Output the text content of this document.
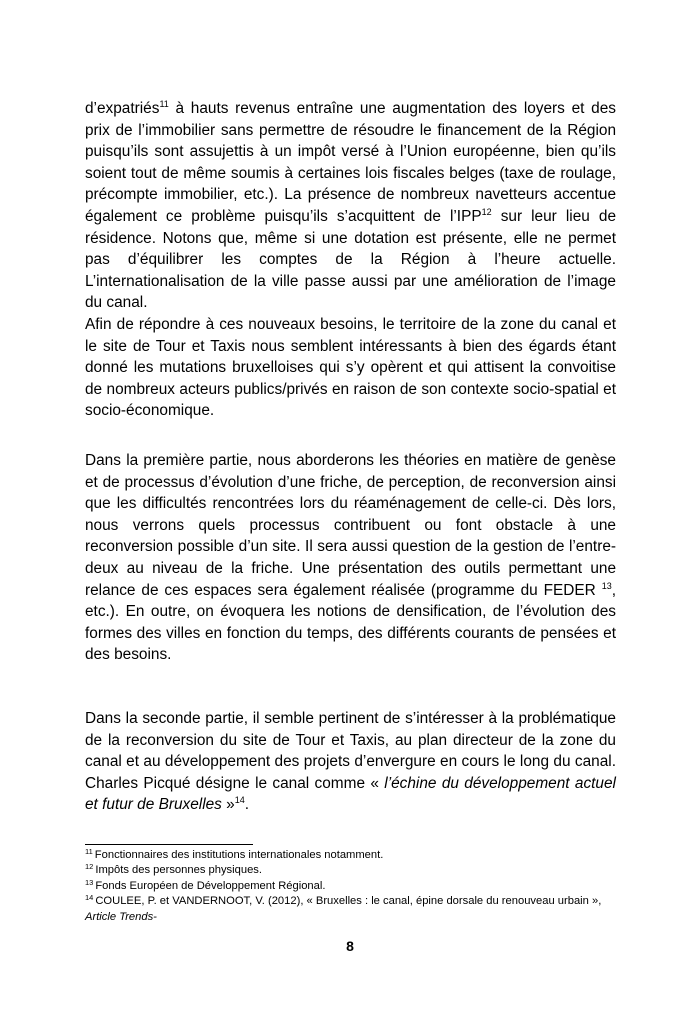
d’expatriés$^{11}$ à hauts revenus entraîne une augmentation des loyers et des prix de l’immobilier sans permettre de résoudre le financement de la Région puisqu’ils sont assujettis à un impôt versé à l’Union européenne, bien qu’ils soient tout de même soumis à certaines lois fiscales belges (taxe de roulage, précompte immobilier, etc.). La présence de nombreux navetteurs accentue également ce problème puisqu’ils s’acquittent de l’IPP$^{12}$ sur leur lieu de résidence. Notons que, même si une dotation est présente, elle ne permet pas d’équilibrer les comptes de la Région à l’heure actuelle. L’internationalisation de la ville passe aussi par une amélioration de l’image du canal.
Afin de répondre à ces nouveaux besoins, le territoire de la zone du canal et le site de Tour et Taxis nous semblent intéressants à bien des égards étant donné les mutations bruxelloises qui s’y opèrent et qui attisent la convoitise de nombreux acteurs publics/privés en raison de son contexte socio-spatial et socio-économique.
Dans la première partie, nous aborderons les théories en matière de genèse et de processus d’évolution d’une friche, de perception, de reconversion ainsi que les difficultés rencontrées lors du réaménagement de celle-ci. Dès lors, nous verrons quels processus contribuent ou font obstacle à une reconversion possible d’un site. Il sera aussi question de la gestion de l’entre-deux au niveau de la friche. Une présentation des outils permettant une relance de ces espaces sera également réalisée (programme du FEDER $^{13}$, etc.). En outre, on évoquera les notions de densification, de l’évolution des formes des villes en fonction du temps, des différents courants de pensées et des besoins.
Dans la seconde partie, il semble pertinent de s’intéresser à la problématique de la reconversion du site de Tour et Taxis, au plan directeur de la zone du canal et au développement des projets d’envergure en cours le long du canal. Charles Picqué désigne le canal comme « l’échine du développement actuel et futur de Bruxelles »$^{14}$.
$^{11}$ Fonctionnaires des institutions internationales notamment.
$^{12}$ Impôts des personnes physiques.
$^{13}$ Fonds Européen de Développement Régional.
$^{14}$ COULEE, P. et VANDERNOOT, V. (2012), « Bruxelles : le canal, épine dorsale du renouveau urbain », Article Trends-

8
